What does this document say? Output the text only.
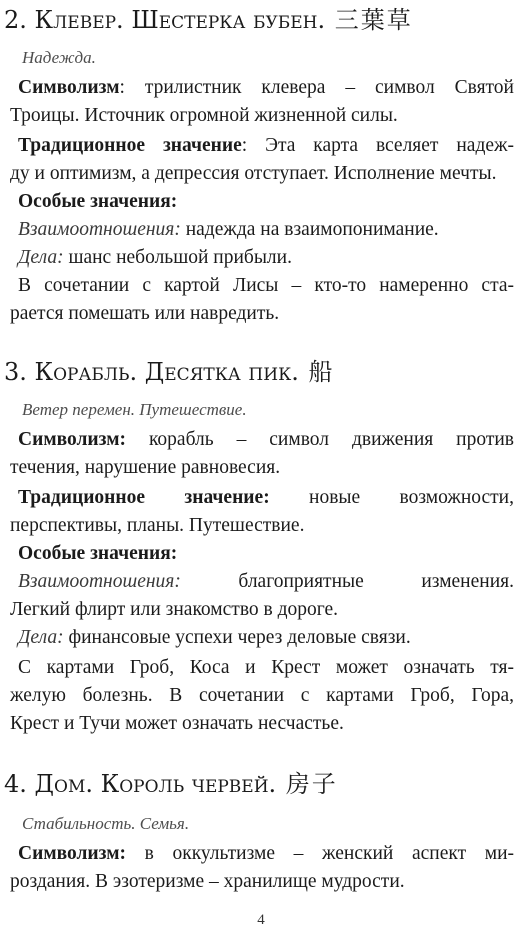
2. Клевер. Шестерка бубен. 三葉草
Надежда.
Символизм: трилистник клевера – символ Святой
Троицы. Источник огромной жизненной силы.
Традиционное значение: Эта карта вселяет надеж-
ду и оптимизм, а депрессия отступает. Исполнение мечты.
Особые значения:
Взаимоотношения: надежда на взаимопонимание.
Дела: шанс небольшой прибыли.
В сочетании с картой Лисы – кто-то намеренно ста-
рается помешать или навредить.
3. Корабль. Десятка пик. 船
Ветер перемен. Путешествие.
Символизм: корабль – символ движения против
течения, нарушение равновесия.
Традиционное значение: новые возможности,
перспективы, планы. Путешествие.
Особые значения:
Взаимоотношения: благоприятные изменения.
Легкий флирт или знакомство в дороге.
Дела: финансовые успехи через деловые связи.
С картами Гроб, Коса и Крест может означать тя-
желую болезнь. В сочетании с картами Гроб, Гора,
Крест и Тучи может означать несчастье.
4. Дом. Король червей. 房子
Стабильность. Семья.
Символизм: в оккультизме – женский аспект ми-
роздания. В эзотеризме – хранилище мудрости.
4
